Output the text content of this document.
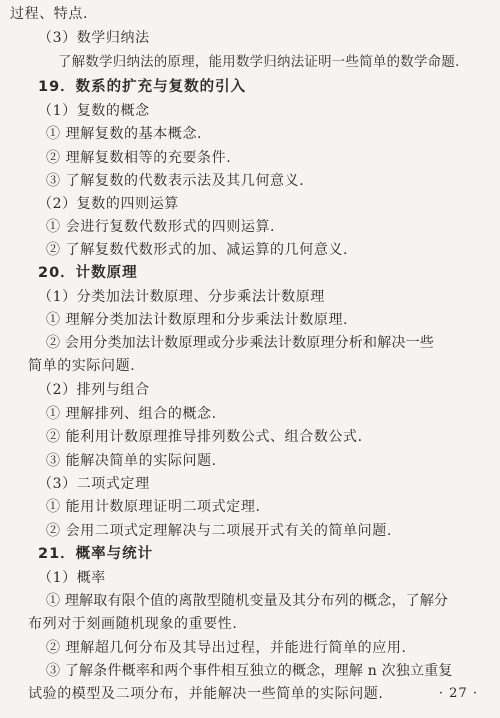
过程、特点.
（3）数学归纳法
了解数学归纳法的原理，能用数学归纳法证明一些简单的数学命题.
19．数系的扩充与复数的引入
（1）复数的概念
① 理解复数的基本概念.
② 理解复数相等的充要条件.
③ 了解复数的代数表示法及其几何意义.
（2）复数的四则运算
① 会进行复数代数形式的四则运算.
② 了解复数代数形式的加、减运算的几何意义.
20．计数原理
（1）分类加法计数原理、分步乘法计数原理
① 理解分类加法计数原理和分步乘法计数原理.
② 会用分类加法计数原理或分步乘法计数原理分析和解决一些
简单的实际问题.
（2）排列与组合
① 理解排列、组合的概念.
② 能利用计数原理推导排列数公式、组合数公式.
③ 能解决简单的实际问题.
（3）二项式定理
① 能用计数原理证明二项式定理.
② 会用二项式定理解决与二项展开式有关的简单问题.
21．概率与统计
（1）概率
① 理解取有限个值的离散型随机变量及其分布列的概念，了解分
布列对于刻画随机现象的重要性.
② 理解超几何分布及其导出过程，并能进行简单的应用.
③ 了解条件概率和两个事件相互独立的概念，理解 n 次独立重复
试验的模型及二项分布，并能解决一些简单的实际问题.	· 27 ·
